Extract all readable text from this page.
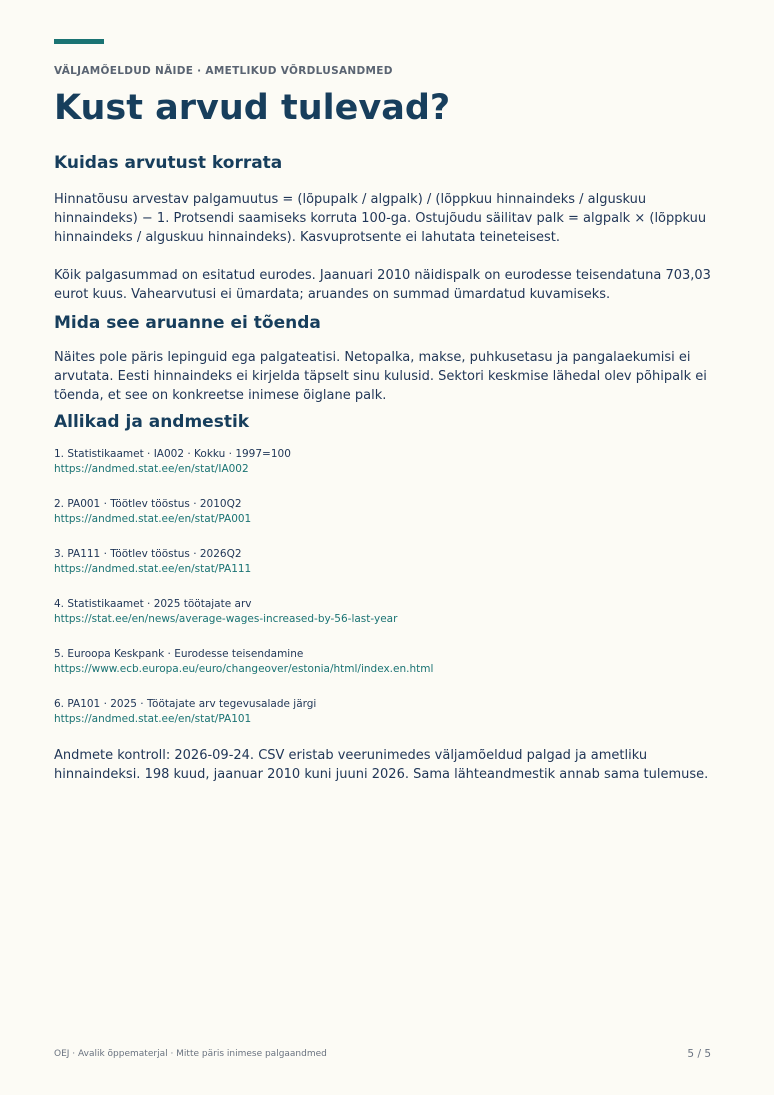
VÄLJAMÕELDUD NÄIDE · AMETLIKUD VÕRDLUSANDMED
Kust arvud tulevad?
Kuidas arvutust korrata

Hinnatõusu arvestav palgamuutus = (lõpupalk / algpalk) / (lõppkuu hinnaindeks / alguskuu hinnaindeks) − 1. Protsendi saamiseks korruta 100-ga. Ostujõudu säilitav palk = algpalk × (lõppkuu hinnaindeks / alguskuu hinnaindeks). Kasvuprotsente ei lahutata teineteisest.

Kõik palgasummad on esitatud eurodes. Jaanuari 2010 näidispalk on eurodesse teisendatuna 703,03 eurot kuus. Vahearvutusi ei ümardata; aruandes on summad ümardatud kuvamiseks.

Mida see aruanne ei tõenda

Näites pole päris lepinguid ega palgateatisi. Netopalka, makse, puhkusetasu ja pangalaekumisi ei arvutata. Eesti hinnaindeks ei kirjelda täpselt sinu kulusid. Sektori keskmise lähedal olev põhipalk ei tõenda, et see on konkreetse inimese õiglane palk.

Allikad ja andmestik
1. Statistikaamet · IA002 · Kokku · 1997=100
https://andmed.stat.ee/en/stat/IA002
2. PA001 · Töötlev tööstus · 2010Q2
https://andmed.stat.ee/en/stat/PA001
3. PA111 · Töötlev tööstus · 2026Q2
https://andmed.stat.ee/en/stat/PA111
4. Statistikaamet · 2025 töötajate arv
https://stat.ee/en/news/average-wages-increased-by-56-last-year
5. Euroopa Keskpank · Eurodesse teisendamine
https://www.ecb.europa.eu/euro/changeover/estonia/html/index.en.html
6. PA101 · 2025 · Töötajate arv tegevusalade järgi
https://andmed.stat.ee/en/stat/PA101

Andmete kontroll: 2026-09-24. CSV eristab veerunimedes väljamõeldud palgad ja ametliku hinnaindeksi. 198 kuud, jaanuar 2010 kuni juuni 2026. Sama lähteandmestik annab sama tulemuse.

OEJ · Avalik õppematerjal · Mitte päris inimese palgaandmed	5 / 5
